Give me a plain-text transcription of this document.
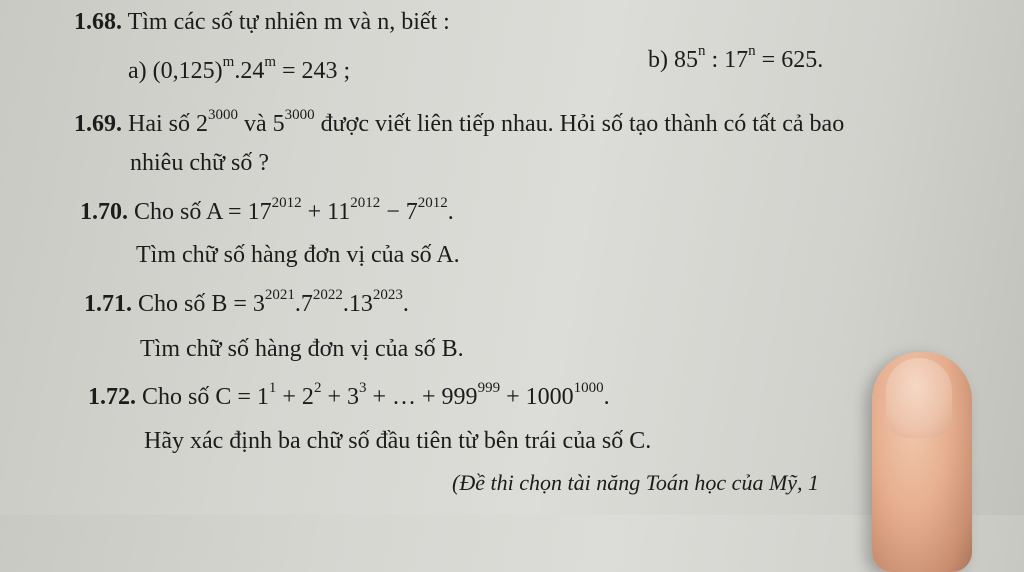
1.68. Tìm các số tự nhiên m và n, biết :
a) $(0,125)^m.24^m = 243$ ;	b) 85$^n$ : $17^n = 625$.
1.69. Hai số $2^{3000}$ và $5^{3000}$ được viết liên tiếp nhau. Hỏi số tạo thành có tất cả bao
nhiêu chữ số ?
1.70. Cho số $A = 17^{2012} + 11^{2012} - 7^{2012}$.
Tìm chữ số hàng đơn vị của số A.
1.71. Cho số $B = 3^{2021}.7^{2022}.13^{2023}$.
Tìm chữ số hàng đơn vị của số B.
1.72. Cho số $C = 1^1 + 2^2 + 3^3$ + … + $999^{999} + 1000^{1000}$.
Hãy xác định ba chữ số đầu tiên từ bên trái của số C.
(Đề thi chọn tài năng Toán học của Mỹ, 1
